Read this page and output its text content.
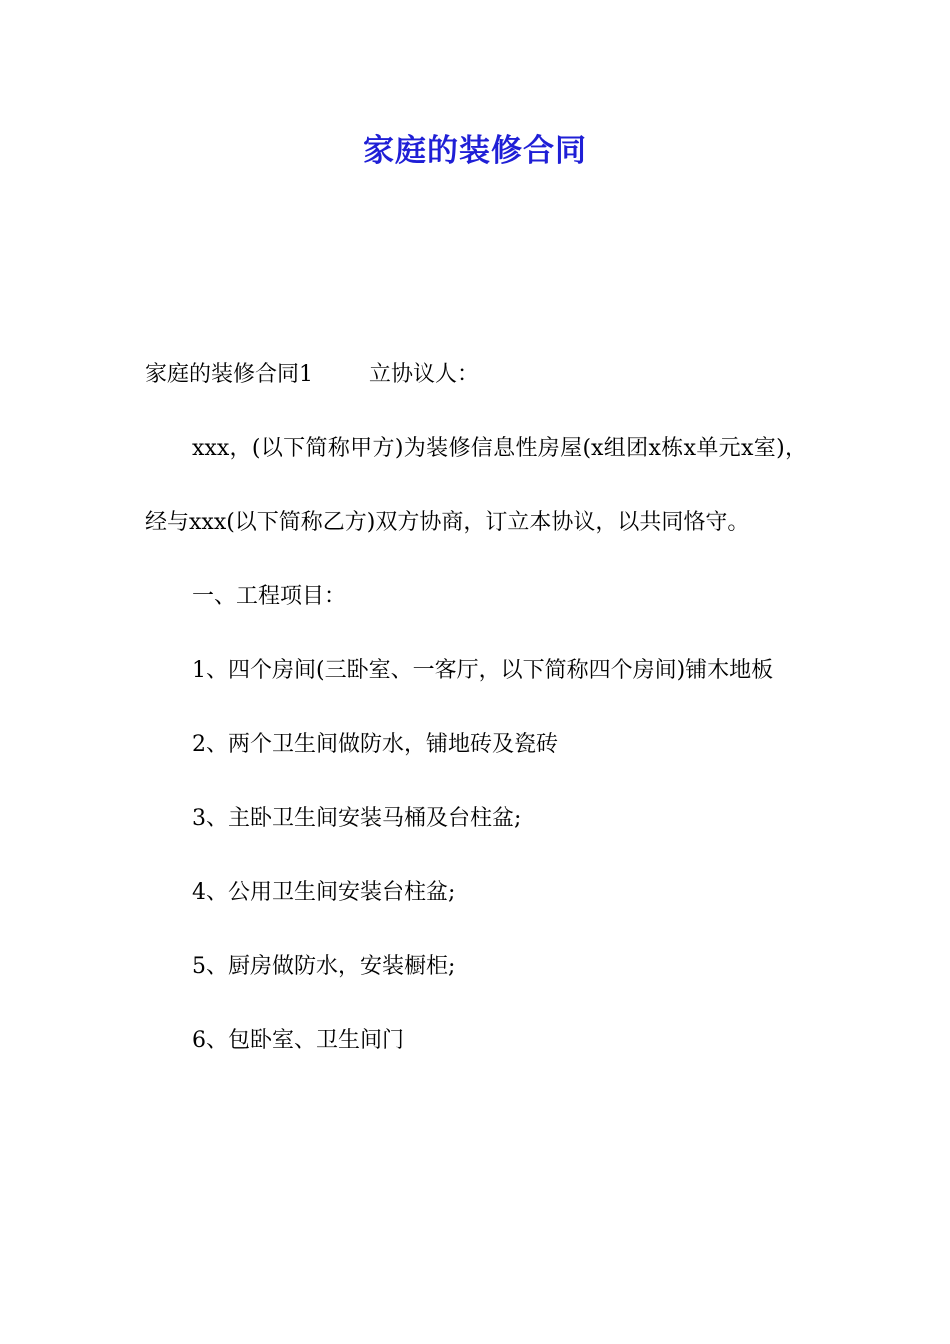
家庭的装修合同

家庭的装修合同1	立协议人：

xxx，(以下简称甲方)为装修信息性房屋(x组团x栋x单元x室)，经与xxx(以下简称乙方)双方协商，订立本协议，以共同恪守。

一、工程项目：

1、四个房间(三卧室、一客厅，以下简称四个房间)铺木地板

2、两个卫生间做防水，铺地砖及瓷砖

3、主卧卫生间安装马桶及台柱盆;

4、公用卫生间安装台柱盆;

5、厨房做防水，安装橱柜;

6、包卧室、卫生间门
